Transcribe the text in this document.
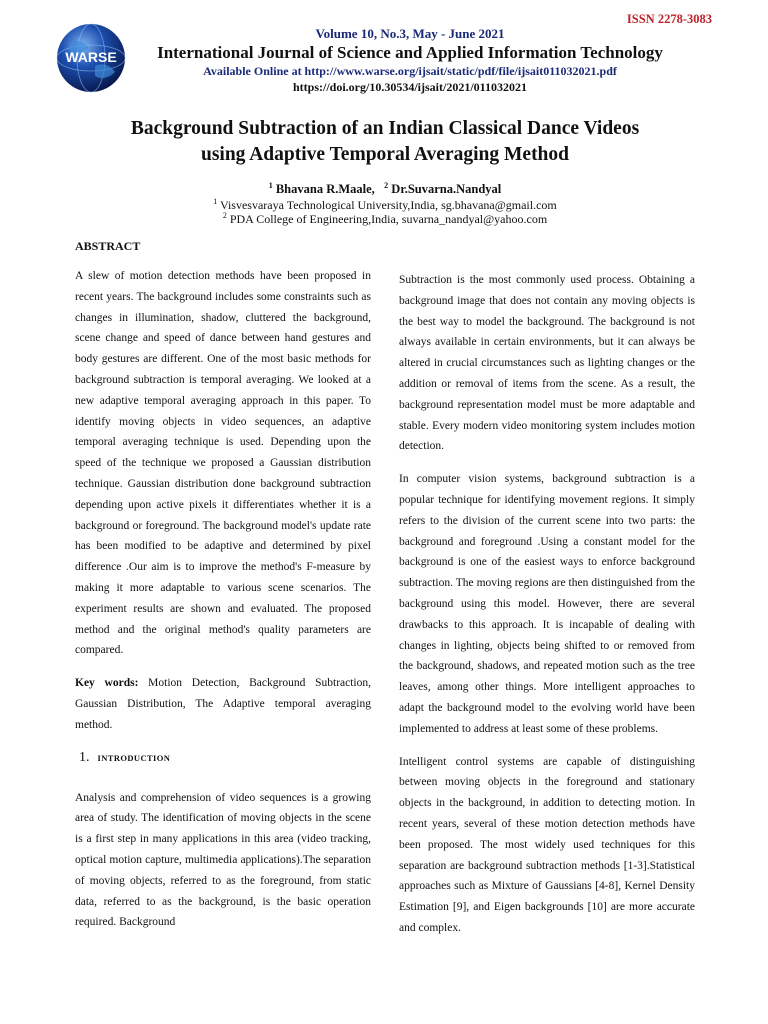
ISSN 2278-3083
WARSE
Volume 10, No.3, May - June 2021
International Journal of Science and Applied Information Technology
Available Online at http://www.warse.org/ijsait/static/pdf/file/ijsait011032021.pdf
https://doi.org/10.30534/ijsait/2021/011032021
Background Subtraction of an Indian Classical Dance Videos
using Adaptive Temporal Averaging Method
$^1$ Bhavana R.Maale, $^2$ Dr.Suvarna.Nandyal
$^1$ Visvesvaraya Technological University,India, sg.bhavana@gmail.com
$^2$ PDA College of Engineering,India, suvarna_nandyal@yahoo.com
ABSTRACT

A slew of motion detection methods have been proposed in recent years. The background includes some constraints such as changes in illumination, shadow, cluttered the background, scene change and speed of dance between hand gestures and body gestures are different. One of the most basic methods for background subtraction is temporal averaging. We looked at a new adaptive temporal averaging approach in this paper. To identify moving objects in video sequences, an adaptive temporal averaging technique is used. Depending upon the speed of the technique we proposed a Gaussian distribution technique. Gaussian distribution done background subtraction depending upon active pixels it differentiates whether it is a background or foreground. The background model's update rate has been modified to be adaptive and determined by pixel difference .Our aim is to improve the method's F-measure by making it more adaptable to various scene scenarios. The experiment results are shown and evaluated. The proposed method and the original method's quality parameters are compared.

Key words: Motion Detection, Background Subtraction, Gaussian Distribution, The Adaptive temporal averaging method.

1. INTRODUCTION

Analysis and comprehension of video sequences is a growing area of study. The identification of moving objects in the scene is a first step in many applications in this area (video tracking, optical motion capture, multimedia applications).The separation of moving objects, referred to as the foreground, from static data, referred to as the background, is the basic operation required. Background

Subtraction is the most commonly used process. Obtaining a background image that does not contain any moving objects is the best way to model the background. The background is not always available in certain environments, but it can always be altered in crucial circumstances such as lighting changes or the addition or removal of items from the scene. As a result, the background representation model must be more adaptable and stable. Every modern video monitoring system includes motion detection.

In computer vision systems, background subtraction is a popular technique for identifying movement regions. It simply refers to the division of the current scene into two parts: the background and foreground .Using a constant model for the background is one of the easiest ways to enforce background subtraction. The moving regions are then distinguished from the background using this model. However, there are several drawbacks to this approach. It is incapable of dealing with changes in lighting, objects being shifted to or removed from the background, shadows, and repeated motion such as the tree leaves, among other things. More intelligent approaches to adapt the background model to the evolving world have been implemented to address at least some of these problems.

Intelligent control systems are capable of distinguishing between moving objects in the foreground and stationary objects in the background, in addition to detecting motion. In recent years, several of these motion detection methods have been proposed. The most widely used techniques for this separation are background subtraction methods [1-3].Statistical approaches such as Mixture of Gaussians [4-8], Kernel Density Estimation [9], and Eigen backgrounds [10] are more accurate and complex.
